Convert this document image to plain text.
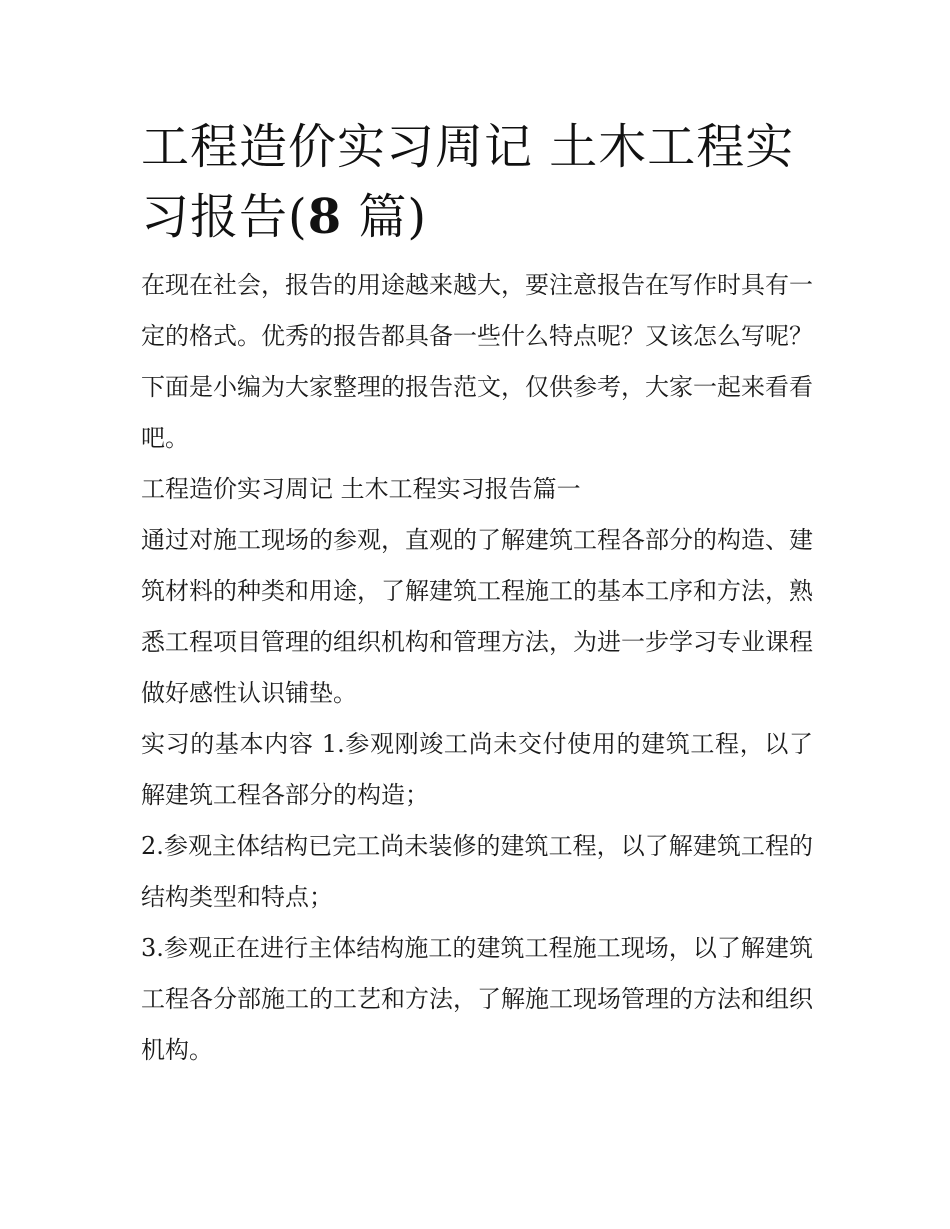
工程造价实习周记 土木工程实习报告(8 篇)

在现在社会，报告的用途越来越大，要注意报告在写作时具有一定的格式。优秀的报告都具备一些什么特点呢？又该怎么写呢？下面是小编为大家整理的报告范文，仅供参考，大家一起来看看吧。

工程造价实习周记 土木工程实习报告篇一

通过对施工现场的参观，直观的了解建筑工程各部分的构造、建筑材料的种类和用途，了解建筑工程施工的基本工序和方法，熟悉工程项目管理的组织机构和管理方法，为进一步学习专业课程做好感性认识铺垫。

实习的基本内容 1.参观刚竣工尚未交付使用的建筑工程，以了解建筑工程各部分的构造；

2.参观主体结构已完工尚未装修的建筑工程，以了解建筑工程的结构类型和特点；

3.参观正在进行主体结构施工的建筑工程施工现场，以了解建筑工程各分部施工的工艺和方法，了解施工现场管理的方法和组织机构。
